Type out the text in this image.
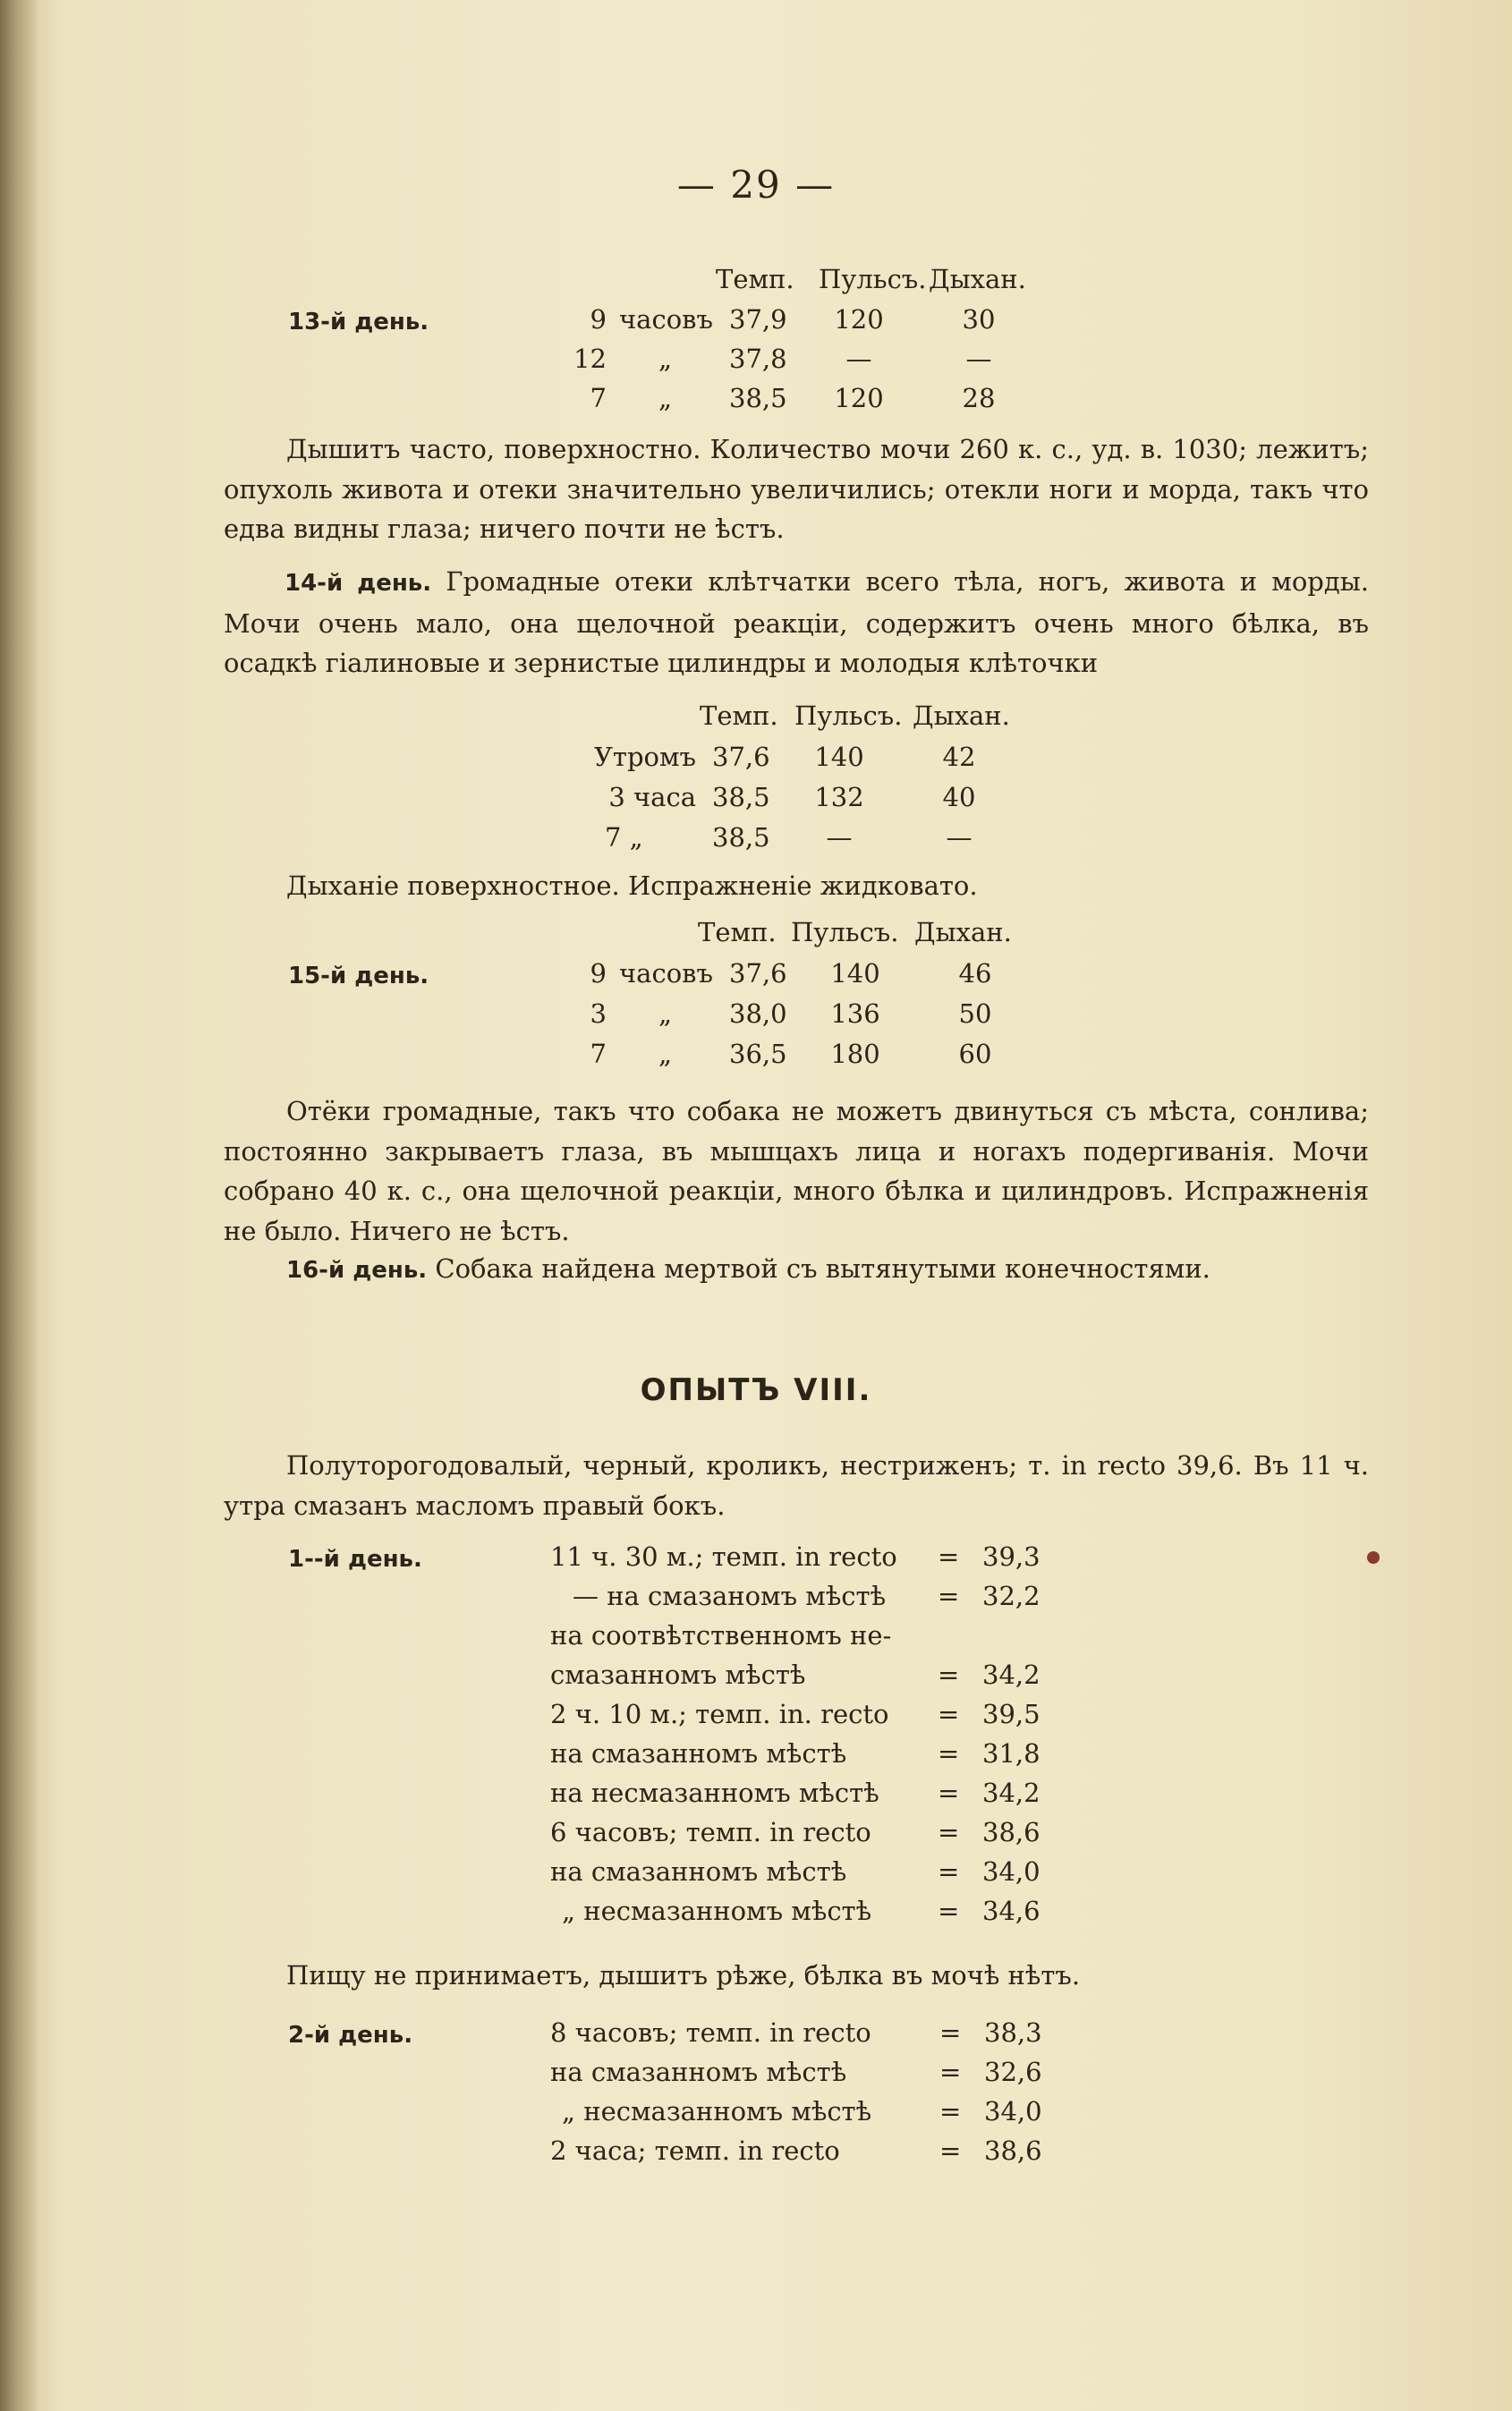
— 29 —
Темп. Пульсъ. Дыхан.
13-й день.	9 часовъ 37,9	120	30
12 „ 37,8	—	—
7 „ 38,5	120	28
Дышитъ часто, поверхностно. Количество мочи 260 к. с., уд. в. 1030; лежитъ; опухоль живота и отеки значительно увеличились; отекли ноги и морда, такъ что едва видны глаза; ничего почти не ѣстъ.
14-й день. Громадные отеки клѣтчатки всего тѣла, ногъ, живота и морды. Мочи очень мало, она щелочной реакціи, содержитъ очень много бѣлка, въ осадкѣ гіалиновые и зернистые цилиндры и молодыя клѣточки
Темп. Пульсъ. Дыхан.
Утромъ 37,6	140	42
3 часа 38,5	132	40
7 „	38,5	—	—
Дыханіе поверхностное. Испражненіе жидковато.
Темп. Пульсъ. Дыхан.
15-й день.	9 часовъ 37,6	140	46
3 „ 38,0	136	50
7 „ 36,5	180	60
Отёки громадные, такъ что собака не можетъ двинуться съ мѣста, сонлива; постоянно закрываетъ глаза, въ мышцахъ лица и ногахъ подергиванія. Мочи собрано 40 к. с., она щелочной реакціи, много бѣлка и цилиндровъ. Испражненія не было. Ничего не ѣстъ.
16-й день. Собака найдена мертвой съ вытянутыми конечностями.
ОПЫТЪ VIII.
Полуторогодовалый, черный, кроликъ, нестриженъ; т. in recto 39,6. Въ 11 ч. утра смазанъ масломъ правый бокъ.
1--й день.	11 ч. 30 м.; темп. in recto = 39,3
— на смазаномъ мѣстѣ = 32,2
на соотвѣтственномъ не-
смазанномъ мѣстѣ	= 34,2
2 ч. 10 м.; темп. in. recto = 39,5
на смазанномъ мѣстѣ	= 31,8
на несмазанномъ мѣстѣ = 34,2
6 часовъ; темп. in recto	= 38,6
на смазанномъ мѣстѣ	= 34,0
„ несмазанномъ мѣстѣ	= 34,6
Пищу не принимаетъ, дышитъ рѣже, бѣлка въ мочѣ нѣтъ.
2-й день.	8 часовъ; темп. in recto	= 38,3
на смазанномъ мѣстѣ	= 32,6
„ несмазанномъ мѣстѣ	= 34,0
2 часа; темп. in recto	= 38,6
